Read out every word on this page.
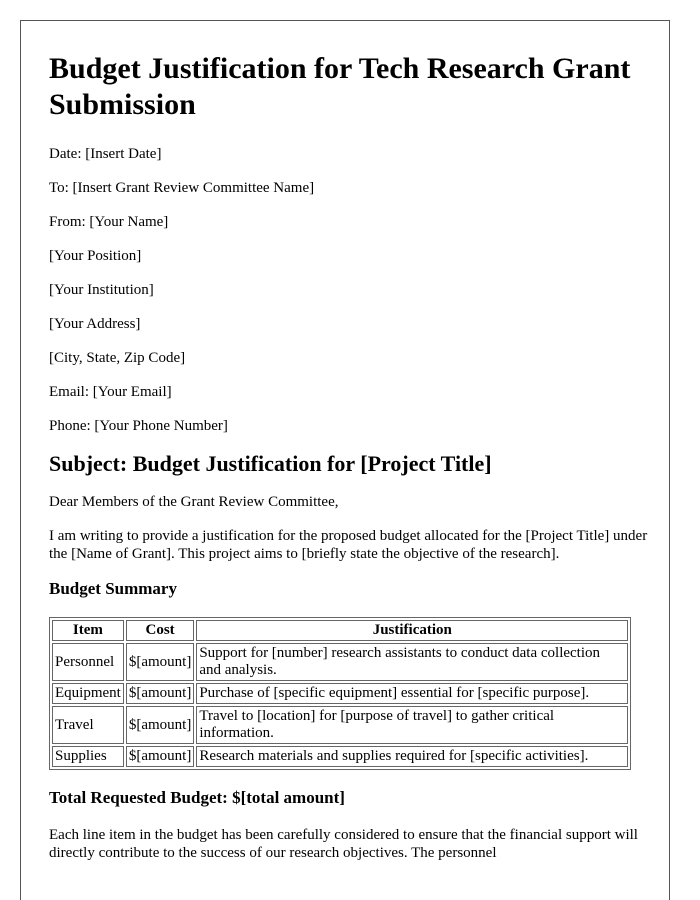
Budget Justification for Tech Research Grant Submission

Date: [Insert Date]

To: [Insert Grant Review Committee Name]

From: [Your Name]

[Your Position]

[Your Institution]

[Your Address]

[City, State, Zip Code]

Email: [Your Email]

Phone: [Your Phone Number]

Subject: Budget Justification for [Project Title]

Dear Members of the Grant Review Committee,

I am writing to provide a justification for the proposed budget allocated for the [Project Title] under the [Name of Grant]. This project aims to [briefly state the objective of the research].

Budget Summary
Item	Cost	Justification
Personnel	$[amount]	Support for [number] research assistants to conduct data collection and analysis.
Equipment	$[amount]	Purchase of [specific equipment] essential for [specific purpose].
Travel	$[amount]	Travel to [location] for [purpose of travel] to gather critical information.
Supplies	$[amount]	Research materials and supplies required for [specific activities].
Total Requested Budget: $[total amount]

Each line item in the budget has been carefully considered to ensure that the financial support will directly contribute to the success of our research objectives. The personnel
